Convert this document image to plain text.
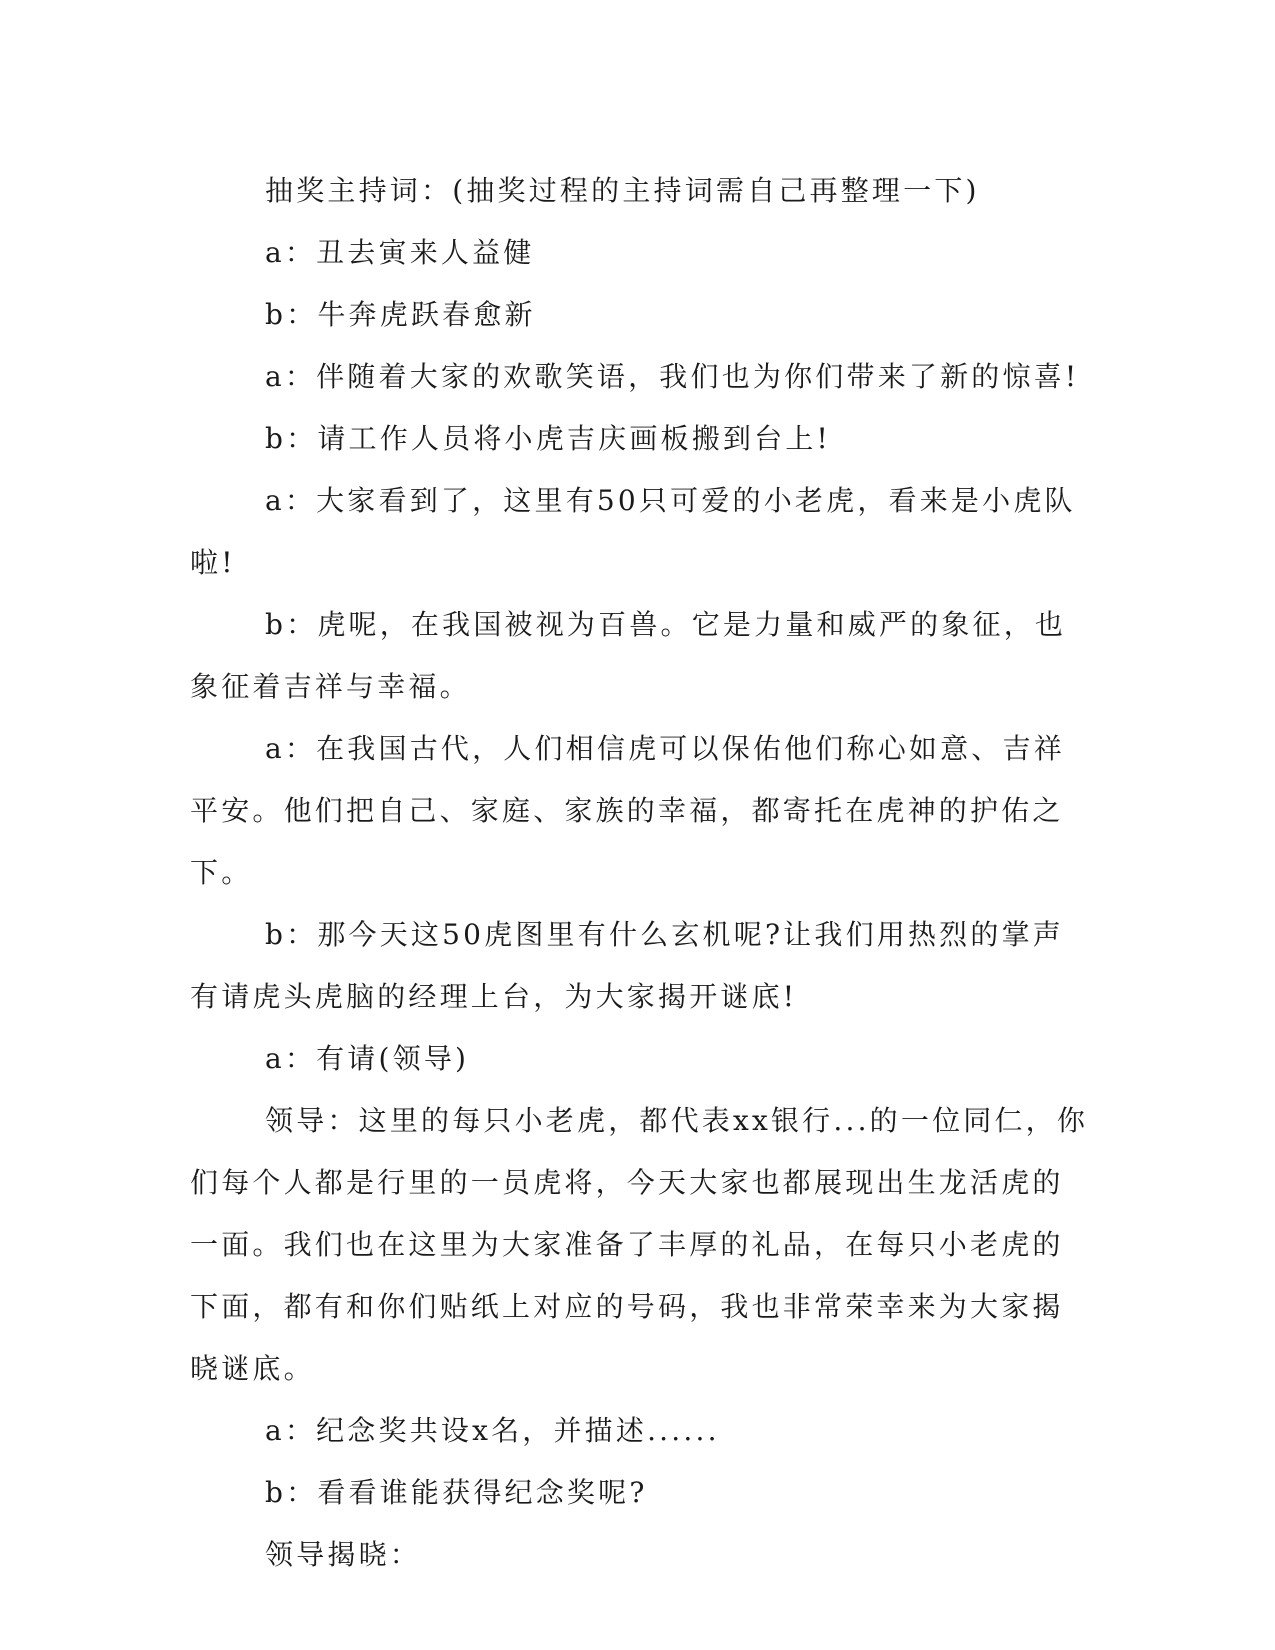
抽奖主持词：(抽奖过程的主持词需自己再整理一下)

a：丑去寅来人益健

b：牛奔虎跃春愈新

a：伴随着大家的欢歌笑语，我们也为你们带来了新的惊喜!

b：请工作人员将小虎吉庆画板搬到台上!

a：大家看到了，这里有50只可爱的小老虎，看来是小虎队啦!

b：虎呢，在我国被视为百兽。它是力量和威严的象征，也象征着吉祥与幸福。

a：在我国古代，人们相信虎可以保佑他们称心如意、吉祥平安。他们把自己、家庭、家族的幸福，都寄托在虎神的护佑之下。

b：那今天这50虎图里有什么玄机呢?让我们用热烈的掌声有请虎头虎脑的经理上台，为大家揭开谜底!

a：有请(领导)

领导：这里的每只小老虎，都代表xx银行...的一位同仁，你们每个人都是行里的一员虎将，今天大家也都展现出生龙活虎的一面。我们也在这里为大家准备了丰厚的礼品，在每只小老虎的下面，都有和你们贴纸上对应的号码，我也非常荣幸来为大家揭晓谜底。

a：纪念奖共设x名，并描述......

b：看看谁能获得纪念奖呢?

领导揭晓：
